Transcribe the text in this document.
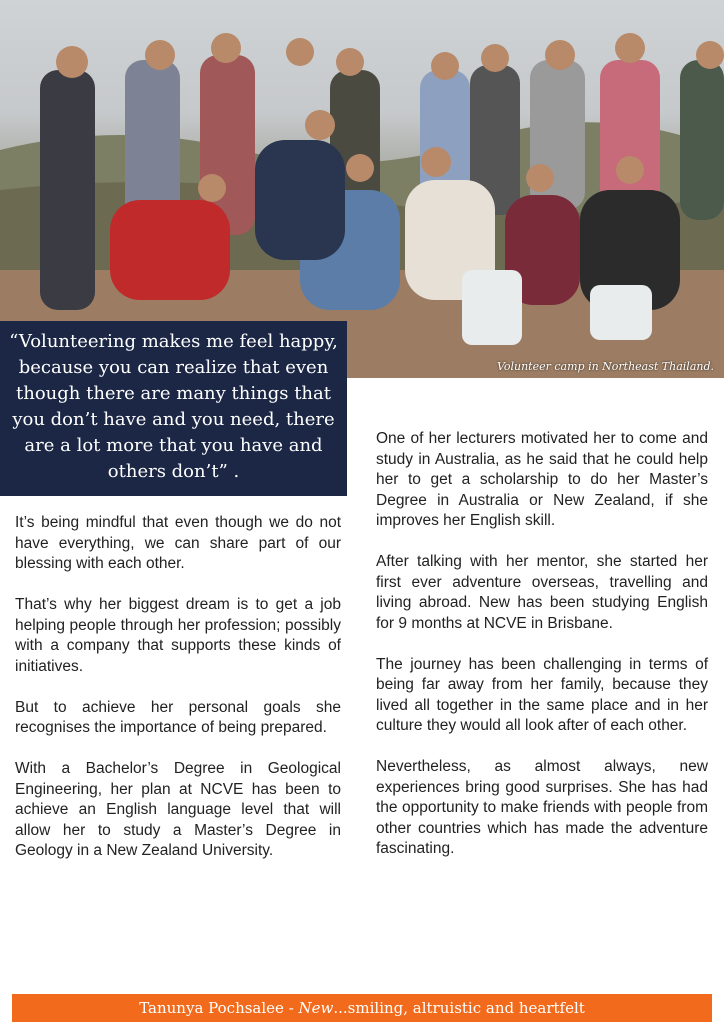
Volunteer camp in Northeast Thailand.
“Volunteering makes me feel happy, because you can realize that even though there are many things that you don’t have and you need, there are a lot more that you have and others don’t” .

It’s being mindful that even though we do not have everything, we can share part of our blessing with each other.

That’s why her biggest dream is to get a job helping people through her profession; possibly with a company that supports these kinds of initiatives.

But to achieve her personal goals she recognises the importance of being prepared.

With a Bachelor’s Degree in Geological Engineering, her plan at NCVE has been to achieve an English language level that will allow her to study a Master’s Degree in Geology in a New Zealand University.

One of her lecturers motivated her to come and study in Australia, as he said that he could help her to get a scholarship to do her Master’s Degree in Australia or New Zealand, if she improves her English skill.

After talking with her mentor, she started her first ever adventure overseas, travelling and living abroad. New has been studying English for 9 months at NCVE in Brisbane.

The journey has been challenging in terms of being far away from her family, because they lived all together in the same place and in her culture they would all look after of each other.

Nevertheless, as almost always, new experiences bring good surprises. She has had the opportunity to make friends with people from other countries which has made the adventure fascinating.

Tanunya Pochsalee - New...smiling, altruistic and heartfelt
